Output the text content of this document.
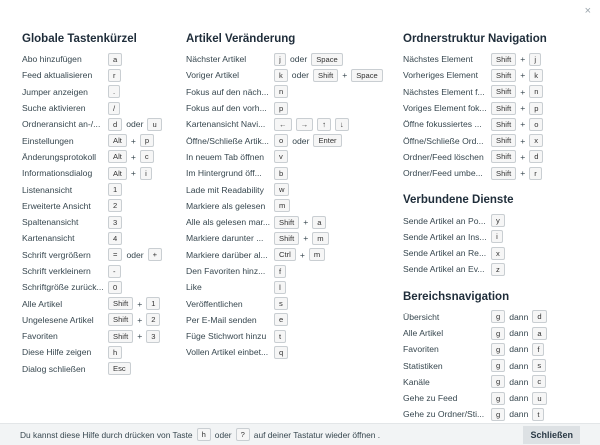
×
Globale Tastenkürzel
Abo hinzufügen	a
Feed aktualisieren	r
Jumper anzeigen	.
Suche aktivieren	/
Ordneransicht an-/...	d	oder	u
Einstellungen	Alt	+	p
Änderungsprotokoll	Alt	+	c
Informationsdialog	Alt	+	i
Listenansicht	1
Erweiterte Ansicht	2
Spaltenansicht	3
Kartenansicht	4
Schrift vergrößern	=	oder	+
Schrift verkleinern	-
Schriftgröße zurück...	0
Alle Artikel	Shift	+	1
Ungelesene Artikel	Shift	+	2
Favoriten	Shift	+	3
Diese Hilfe zeigen	h
Dialog schließen	Esc
Artikel Veränderung
Nächster Artikel	j	oder	Space
Voriger Artikel	k	oder	Shift	+	Space
Fokus auf den näch...	n
Fokus auf den vorh...	p
Kartenansicht Navi...	←	→	↑	↓
Öffne/Schließe Artik...	o	oder	Enter
In neuem Tab öffnen	v
Im Hintergrund öff...	b
Lade mit Readability	w
Markiere als gelesen	m
Alle als gelesen mar...	Shift	+	a
Markiere darunter ...	Shift	+	m
Markiere darüber al...	Ctrl	+	m
Den Favoriten hinz...	f
Like	l
Veröffentlichen	s
Per E-Mail senden	e
Füge Stichwort hinzu	t
Vollen Artikel einbet...	q
Ordnerstruktur Navigation
Nächstes Element	Shift	+	j
Vorheriges Element	Shift	+	k
Nächstes Element f...	Shift	+	n
Voriges Element fok...	Shift	+	p
Öffne fokussiertes ...	Shift	+	o
Öffne/Schließe Ord...	Shift	+	x
Ordner/Feed löschen	Shift	+	d
Ordner/Feed umbe...	Shift	+	r
Verbundene Dienste
Sende Artikel an Po...	y
Sende Artikel an Ins...	i
Sende Artikel an Re...	x
Sende Artikel an Ev...	z
Bereichsnavigation
Übersicht	g	dann	d
Alle Artikel	g	dann	a
Favoriten	g	dann	f
Statistiken	g	dann	s
Kanäle	g	dann	c
Gehe zu Feed	g	dann	u
Gehe zu Ordner/Sti...	g	dann	t
Du kannst diese Hilfe durch drücken von Taste	h	oder	?	auf deiner Tastatur wieder öffnen .	Schließen
